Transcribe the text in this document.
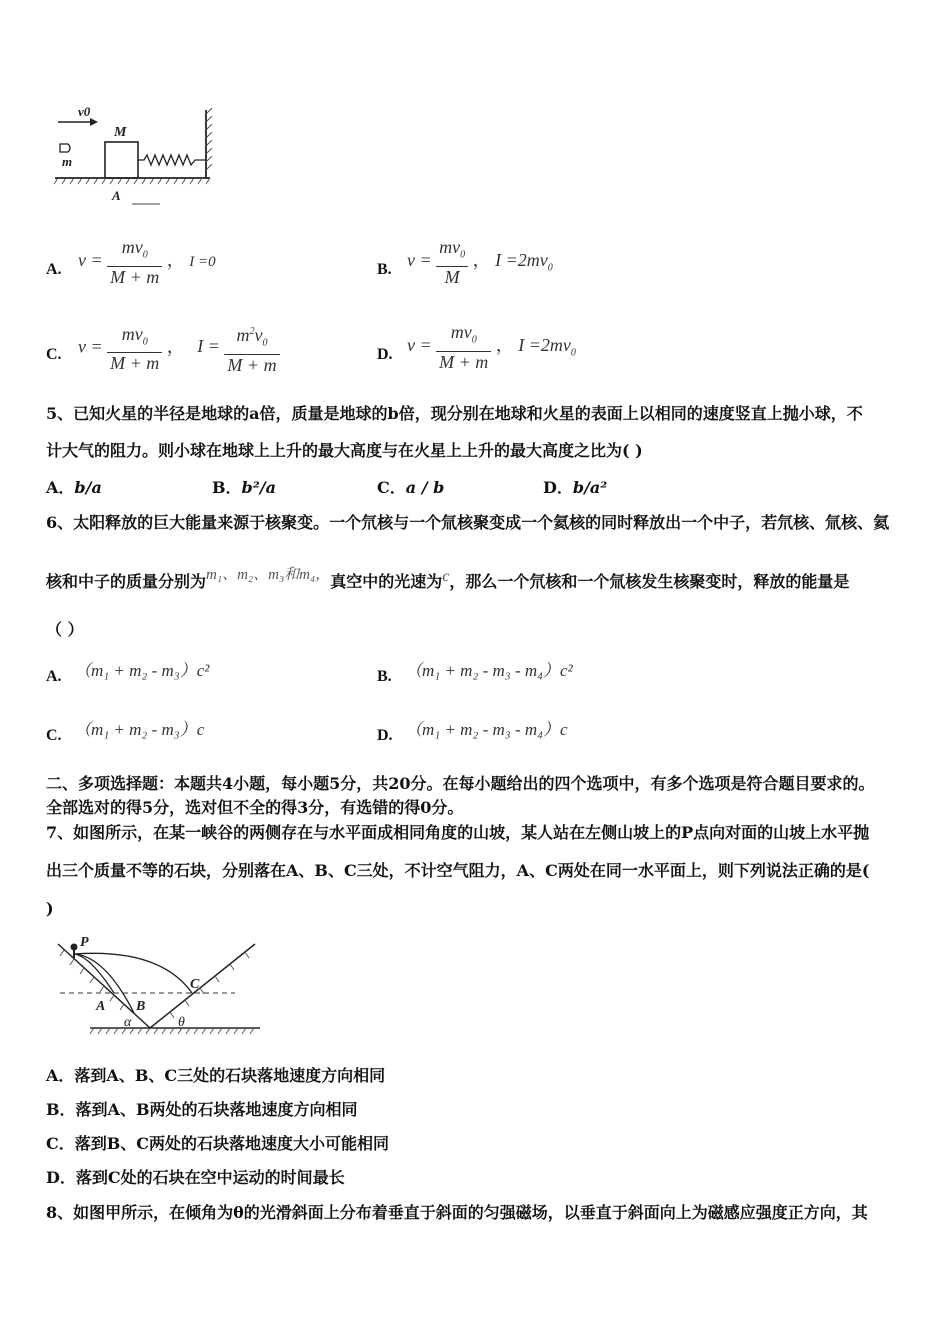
v0
m
M
A
A. $v = \frac{mv_0}{M + m}$ ， I =0	B. $v = \frac{mv_0}{M}$ ， $I =2mv_0$
C. $v = \frac{mv_0}{M + m}$ ， $I = \frac{m^2v_0}{M + m}$	D. $v = \frac{mv_0}{M + m}$ ， $I =2mv_0$
5、已知火星的半径是地球的a倍，质量是地球的b倍，现分别在地球和火星的表面上以相同的速度竖直上抛小球，不
计大气的阻力。则小球在地球上上升的最大高度与在火星上上升的最大高度之比为( )
A．b/a	B．b²/a	C．a / b	D．b/a²
6、太阳释放的巨大能量来源于核聚变。一个氘核与一个氚核聚变成一个氦核的同时释放出一个中子，若氘核、氚核、氦
核和中子的质量分别为m₁、m₂、m₃和m₄，真空中的光速为c，那么一个氘核和一个氚核发生核聚变时，释放的能量是
（ ）
A. （m₁ + m₂ - m₃）c²	B. （m₁ + m₂ - m₃ - m₄）c²
C. （m₁ + m₂ - m₃）c	D. （m₁ + m₂ - m₃ - m₄）c
二、多项选择题：本题共4小题，每小题5分，共20分。在每小题给出的四个选项中，有多个选项是符合题目要求的。
全部选对的得5分，选对但不全的得3分，有选错的得0分。
7、如图所示，在某一峡谷的两侧存在与水平面成相同角度的山坡，某人站在左侧山坡上的P点向对面的山坡上水平抛
出三个质量不等的石块，分别落在A、B、C三处，不计空气阻力，A、C两处在同一水平面上，则下列说法正确的是(
)
P
A B
C
α	θ
A．落到A、B、C三处的石块落地速度方向相同
B．落到A、B两处的石块落地速度方向相同
C．落到B、C两处的石块落地速度大小可能相同
D．落到C处的石块在空中运动的时间最长
8、如图甲所示，在倾角为θ的光滑斜面上分布着垂直于斜面的匀强磁场，以垂直于斜面向上为磁感应强度正方向，其
